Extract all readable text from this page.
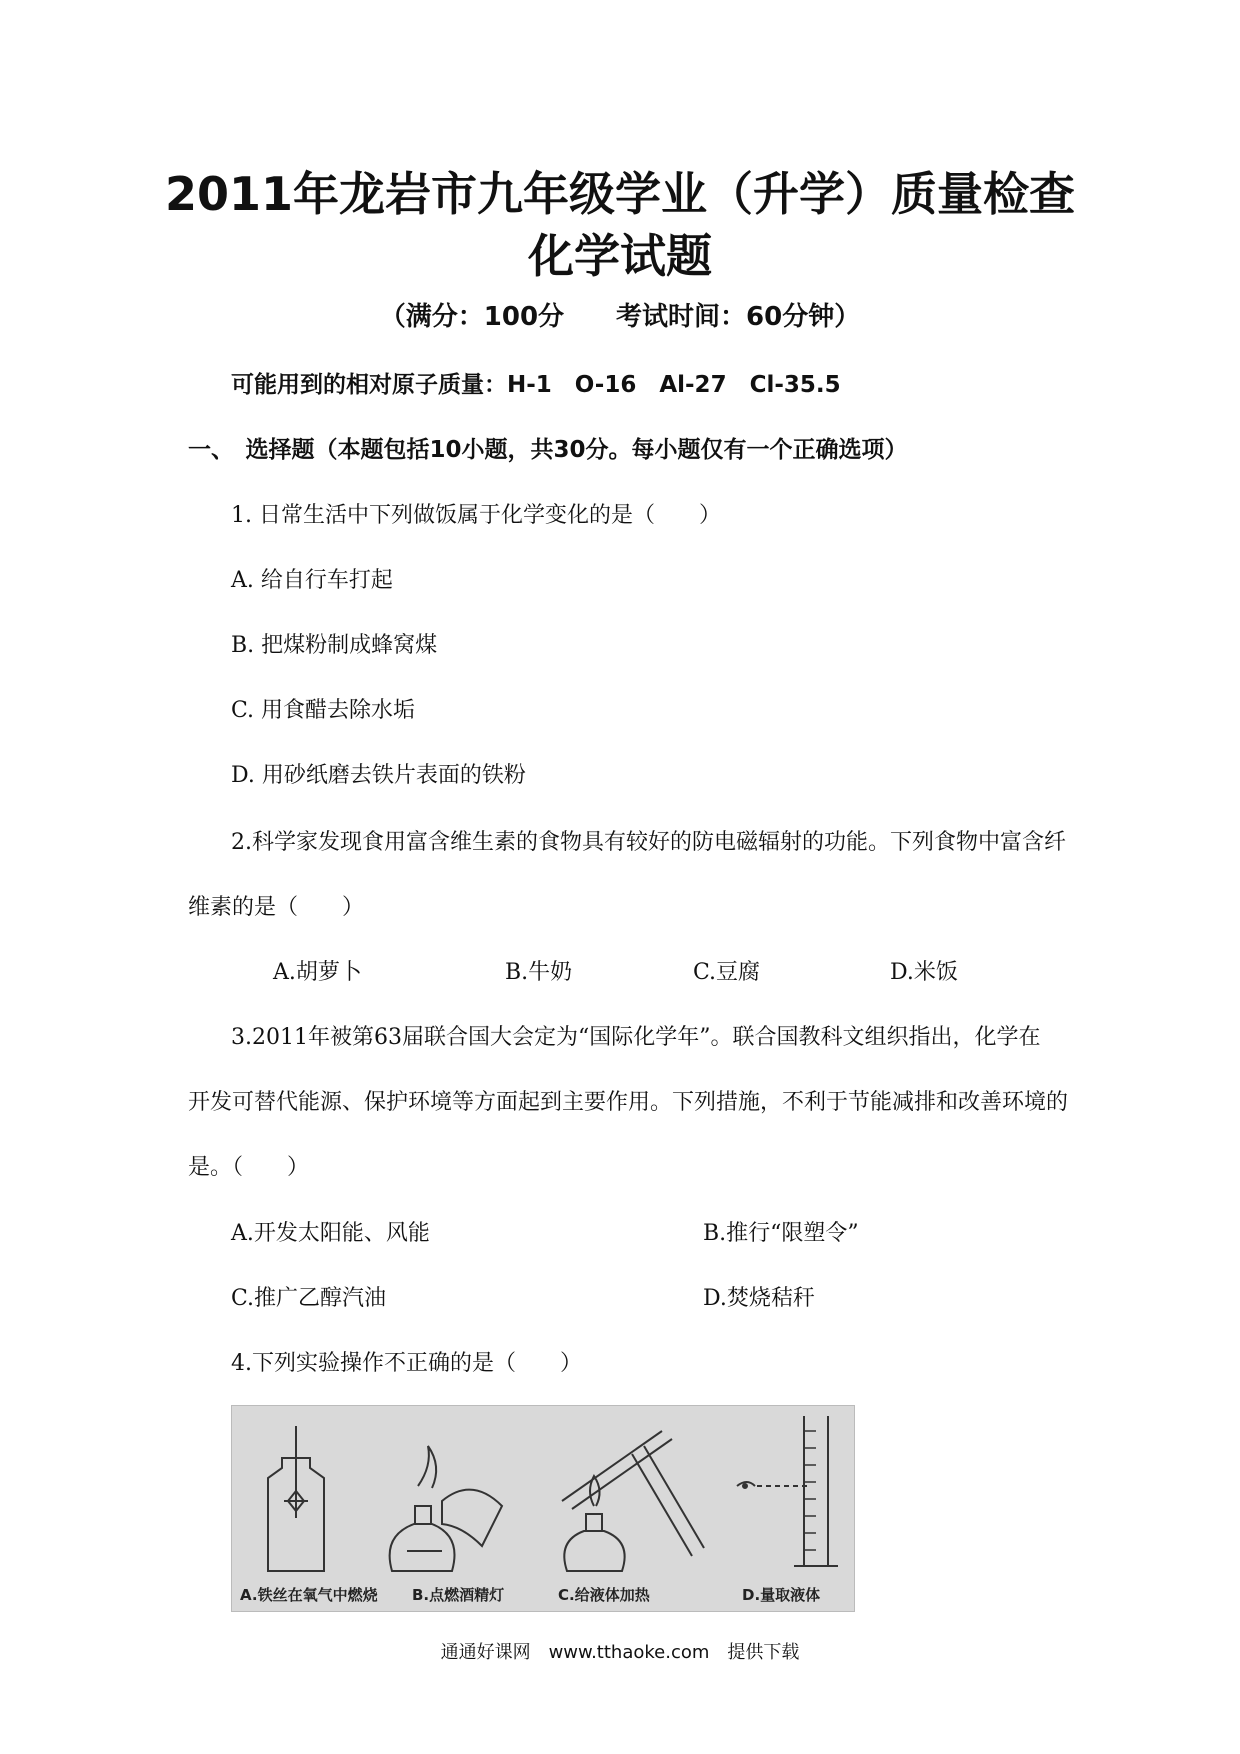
2011年龙岩市九年级学业（升学）质量检查
化学试题
（满分：100分　　考试时间：60分钟）
可能用到的相对原子质量：H-1　O-16　Al-27　Cl-35.5
一、　选择题（本题包括10小题，共30分。每小题仅有一个正确选项）
1. 日常生活中下列做饭属于化学变化的是（　　）
A. 给自行车打起
B. 把煤粉制成蜂窝煤
C. 用食醋去除水垢
D. 用砂纸磨去铁片表面的铁粉
2.科学家发现食用富含维生素的食物具有较好的防电磁辐射的功能。下列食物中富含纤
维素的是（　　）
A.胡萝卜	B.牛奶	C.豆腐	D.米饭
3.2011年被第63届联合国大会定为“国际化学年”。联合国教科文组织指出，化学在
开发可替代能源、保护环境等方面起到主要作用。下列措施，不利于节能减排和改善环境的
是。（　　）
A.开发太阳能、风能	B.推行“限塑令”
C.推广乙醇汽油	D.焚烧秸秆
4.下列实验操作不正确的是（　　）
A.铁丝在氧气中燃烧 B.点燃酒精灯	C.给液体加热	D.量取液体
通通好课网　www.tthaoke.com　提供下载
